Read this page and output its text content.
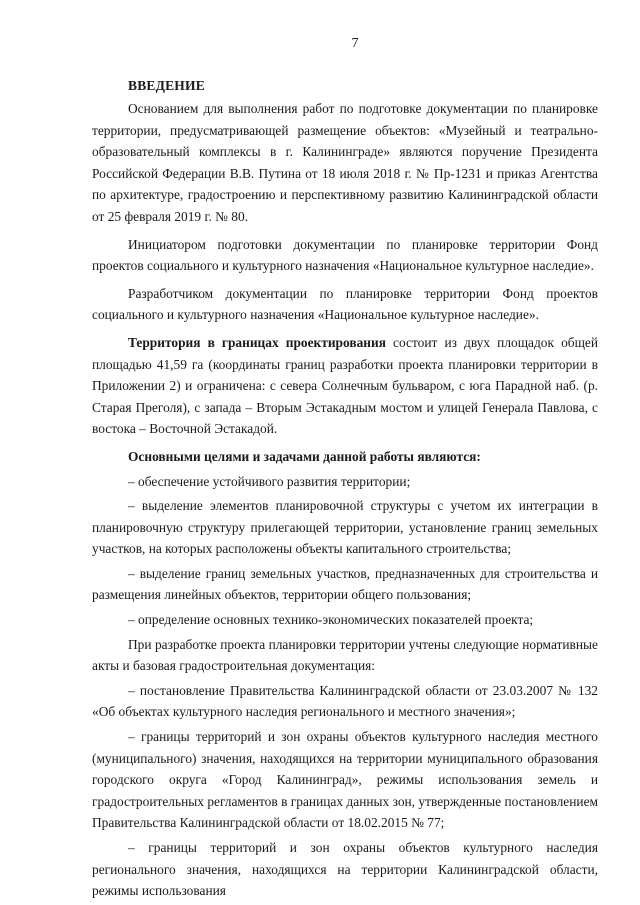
7
ВВЕДЕНИЕ

Основанием для выполнения работ по подготовке документации по планировке территории, предусматривающей размещение объектов: «Музейный и театрально-образовательный комплексы в г. Калининграде» являются поручение Президента Российской Федерации В.В. Путина от 18 июля 2018 г. № Пр-1231 и приказ Агентства по архитектуре, градостроению и перспективному развитию Калининградской области от 25 февраля 2019 г. № 80.

Инициатором подготовки документации по планировке территории Фонд проектов социального и культурного назначения «Национальное культурное наследие».

Разработчиком документации по планировке территории Фонд проектов социального и культурного назначения «Национальное культурное наследие».

Территория в границах проектирования состоит из двух площадок общей площадью 41,59 га (координаты границ разработки проекта планировки территории в Приложении 2) и ограничена: с севера Солнечным бульваром, с юга Парадной наб. (р. Старая Преголя), с запада – Вторым Эстакадным мостом и улицей Генерала Павлова, с востока – Восточной Эстакадой.

Основными целями и задачами данной работы являются:

– обеспечение устойчивого развития территории;

– выделение элементов планировочной структуры с учетом их интеграции в планировочную структуру прилегающей территории, установление границ земельных участков, на которых расположены объекты капитального строительства;

– выделение границ земельных участков, предназначенных для строительства и размещения линейных объектов, территории общего пользования;

– определение основных технико-экономических показателей проекта;

При разработке проекта планировки территории учтены следующие нормативные акты и базовая градостроительная документация:

– постановление Правительства Калининградской области от 23.03.2007 № 132 «Об объектах культурного наследия регионального и местного значения»;

– границы территорий и зон охраны объектов культурного наследия местного (муниципального) значения, находящихся на территории муниципального образования городского округа «Город Калининград», режимы использования земель и градостроительных регламентов в границах данных зон, утвержденные постановлением Правительства Калининградской области от 18.02.2015 № 77;

– границы территорий и зон охраны объектов культурного наследия регионального значения, находящихся на территории Калининградской области, режимы использования
